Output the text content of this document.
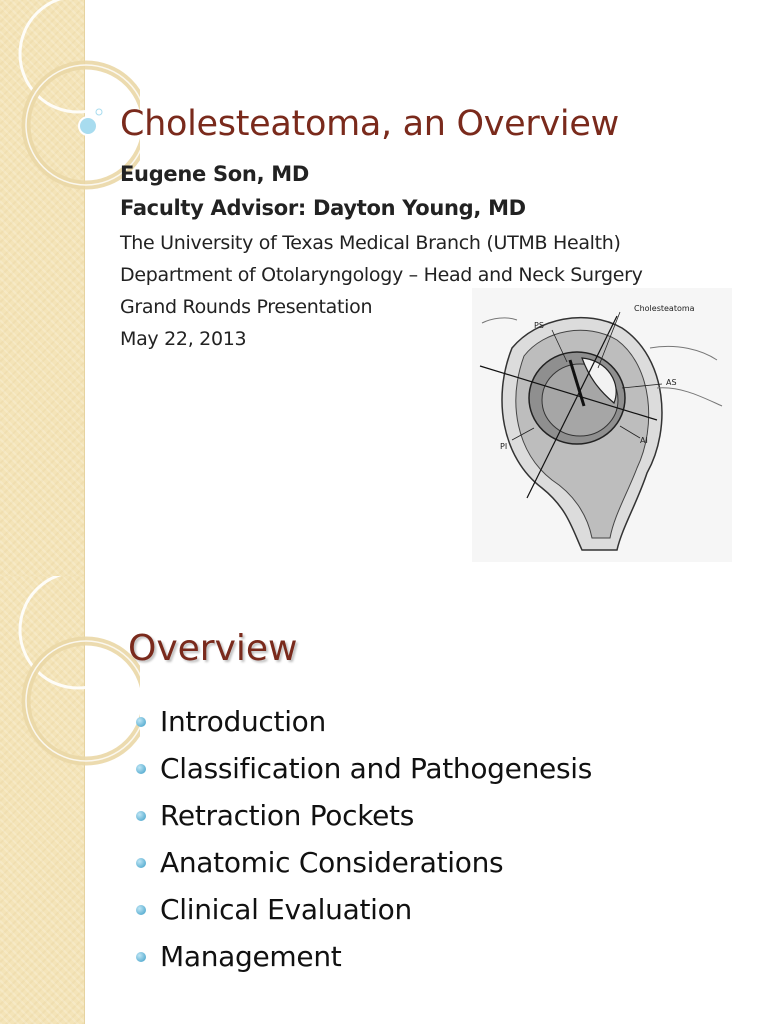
Cholesteatoma, an Overview
Eugene Son, MD
Faculty Advisor: Dayton Young, MD
The University of Texas Medical Branch (UTMB Health)
Department of Otolaryngology – Head and Neck Surgery
Grand Rounds Presentation
May 22, 2013
Cholesteatoma
PS
AS
PI
AI
Overview
Introduction
Classification and Pathogenesis
Retraction Pockets
Anatomic Considerations
Clinical Evaluation
Management
